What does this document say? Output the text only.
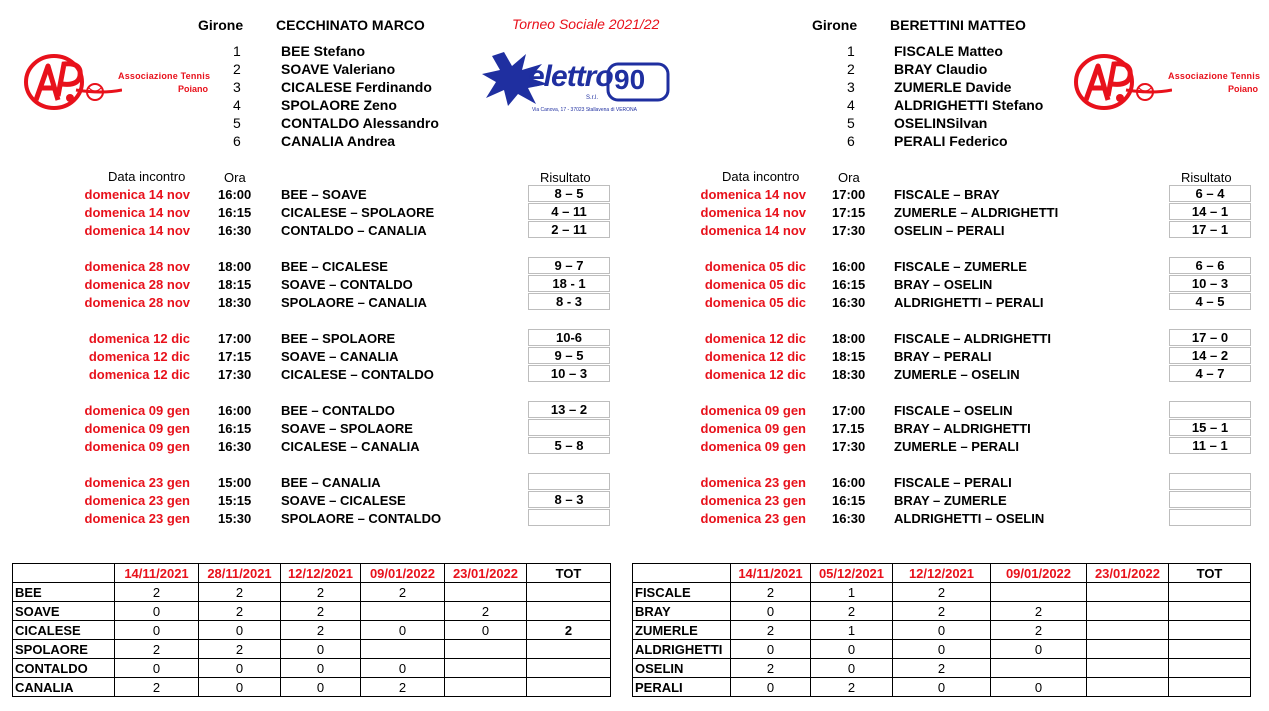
Girone CECCHINATO MARCO	Torneo Sociale 2021/22	Girone BERETTINI MATTEO
Associazione Tennis
Poiano
Associazione Tennis
Poiano
elettro 90
S.r.l.
Via Canova, 17 - 37023 Stallavena di VERONA
1	BEE Stefano
2	SOAVE Valeriano
3	CICALESE Ferdinando
4	SPOLAORE Zeno
5	CONTALDO Alessandro
6	CANALIA Andrea
1	FISCALE Matteo
2	BRAY Claudio
3	ZUMERLE Davide
4	ALDRIGHETTI Stefano
5	OSELINSilvan
6	PERALI Federico
Data incontro	Ora	Risultato	Data incontro	Ora	Risultato
domenica 14 nov 16:00 BEE – SOAVE	8 – 5
domenica 14 nov 16:15 CICALESE – SPOLAORE	4 – 11
domenica 14 nov 16:30 CONTALDO – CANALIA	2 – 11
domenica 28 nov 18:00 BEE – CICALESE	9 – 7
domenica 28 nov 18:15 SOAVE – CONTALDO	18 - 1
domenica 28 nov 18:30 SPOLAORE – CANALIA	8 - 3
domenica 12 dic 17:00 BEE – SPOLAORE	10-6
domenica 12 dic 17:15 SOAVE – CANALIA	9 – 5
domenica 12 dic 17:30 CICALESE – CONTALDO	10 – 3
domenica 09 gen 16:00 BEE – CONTALDO	13 – 2
domenica 09 gen 16:15 SOAVE – SPOLAORE
domenica 09 gen 16:30 CICALESE – CANALIA	5 – 8
domenica 23 gen 15:00 BEE – CANALIA
domenica 23 gen 15:15 SOAVE – CICALESE	8 – 3
domenica 23 gen 15:30 SPOLAORE – CONTALDO
domenica 14 nov 17:00 FISCALE – BRAY	6 – 4
domenica 14 nov 17:15 ZUMERLE – ALDRIGHETTI	14 – 1
domenica 14 nov 17:30 OSELIN – PERALI	17 – 1
domenica 05 dic 16:00 FISCALE – ZUMERLE	6 – 6
domenica 05 dic 16:15 BRAY – OSELIN	10 – 3
domenica 05 dic 16:30 ALDRIGHETTI – PERALI	4 – 5
domenica 12 dic 18:00 FISCALE – ALDRIGHETTI	17 – 0
domenica 12 dic 18:15 BRAY – PERALI	14 – 2
domenica 12 dic 18:30 ZUMERLE – OSELIN	4 – 7
domenica 09 gen 17:00 FISCALE – OSELIN
domenica 09 gen 17.15 BRAY – ALDRIGHETTI	15 – 1
domenica 09 gen 17:30 ZUMERLE – PERALI	11 – 1
domenica 23 gen 16:00 FISCALE – PERALI
domenica 23 gen 16:15 BRAY – ZUMERLE
domenica 23 gen 16:30 ALDRIGHETTI – OSELIN
	14/11/2021	28/11/2021	12/12/2021	09/01/2022	23/01/2022	TOT
BEE	2	2	2	2		
SOAVE	0	2	2		2	
CICALESE	0	0	2	0	0	2
SPOLAORE	2	2	0			
CONTALDO	0	0	0	0		
CANALIA	2	0	0	2		
	14/11/2021	05/12/2021	12/12/2021	09/01/2022	23/01/2022	TOT
FISCALE	2	1	2			
BRAY	0	2	2	2		
ZUMERLE	2	1	0	2		
ALDRIGHETTI	0	0	0	0		
OSELIN	2	0	2			
PERALI	0	2	0	0		
